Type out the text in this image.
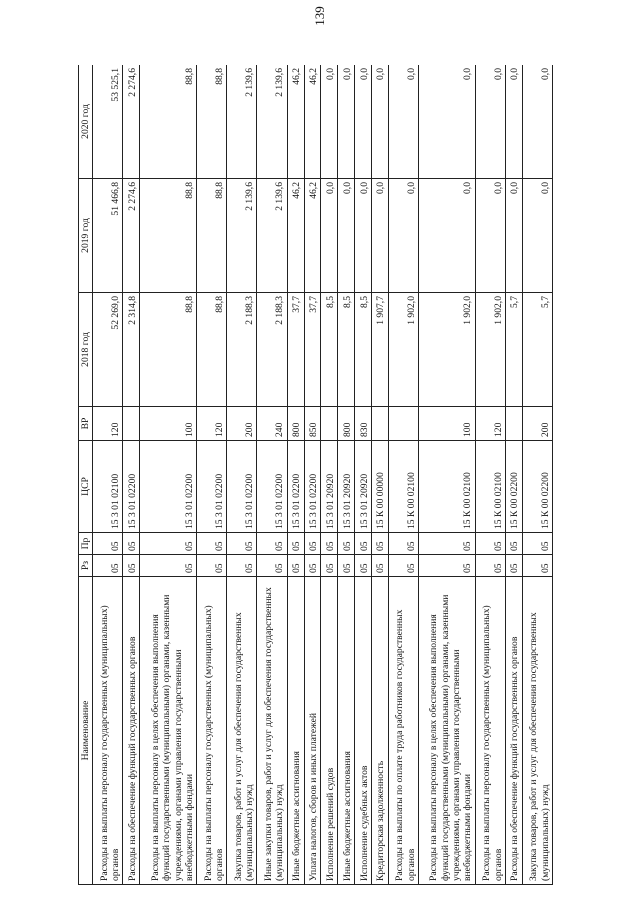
139
Наименование	Рз	Пр	ЦСР	ВР	2018 год	2019 год	2020 год
Расходы на выплаты персоналу государственных (муниципальных) органов	05	05	15 3 01 02100	120	52 269,0	51 466,8	53 525,1
Расходы на обеспечение функций государственных органов	05	05	15 3 01 02200		2 314,8	2 274,6	2 274,6
Расходы на выплаты персоналу в целях обеспечения выполнения функций государственными (муниципальными) органами, казенными учреждениями, органами управления государственными внебюджетными фондами	05	05	15 3 01 02200	100	88,8	88,8	88,8
Расходы на выплаты персоналу государственных (муниципальных) органов	05	05	15 3 01 02200	120	88,8	88,8	88,8
Закупка товаров, работ и услуг для обеспечения государственных (муниципальных) нужд	05	05	15 3 01 02200	200	2 188,3	2 139,6	2 139,6
Иные закупки товаров, работ и услуг для обеспечения государственных (муниципальных) нужд	05	05	15 3 01 02200	240	2 188,3	2 139,6	2 139,6
Иные бюджетные ассигнования	05	05	15 3 01 02200	800	37,7	46,2	46,2
Уплата налогов, сборов и иных платежей	05	05	15 3 01 02200	850	37,7	46,2	46,2
Исполнение решений судов	05	05	15 3 01 20920		8,5	0,0	0,0
Иные бюджетные ассигнования	05	05	15 3 01 20920	800	8,5	0,0	0,0
Исполнение судебных актов	05	05	15 3 01 20920	830	8,5	0,0	0,0
Кредиторская задолженность	05	05	15 К 00 00000		1 907,7	0,0	0,0
Расходы на выплаты по оплате труда работников государственных органов	05	05	15 К 00 02100		1 902,0	0,0	0,0
Расходы на выплаты персоналу в целях обеспечения выполнения функций государственными (муниципальными) органами, казенными учреждениями, органами управления государственными внебюджетными фондами	05	05	15 К 00 02100	100	1 902,0	0,0	0,0
Расходы на выплаты персоналу государственных (муниципальных) органов	05	05	15 К 00 02100	120	1 902,0	0,0	0,0
Расходы на обеспечение функций государственных органов	05	05	15 К 00 02200		5,7	0,0	0,0
Закупка товаров, работ и услуг для обеспечения государственных (муниципальных) нужд	05	05	15 К 00 02200	200	5,7	0,0	0,0
